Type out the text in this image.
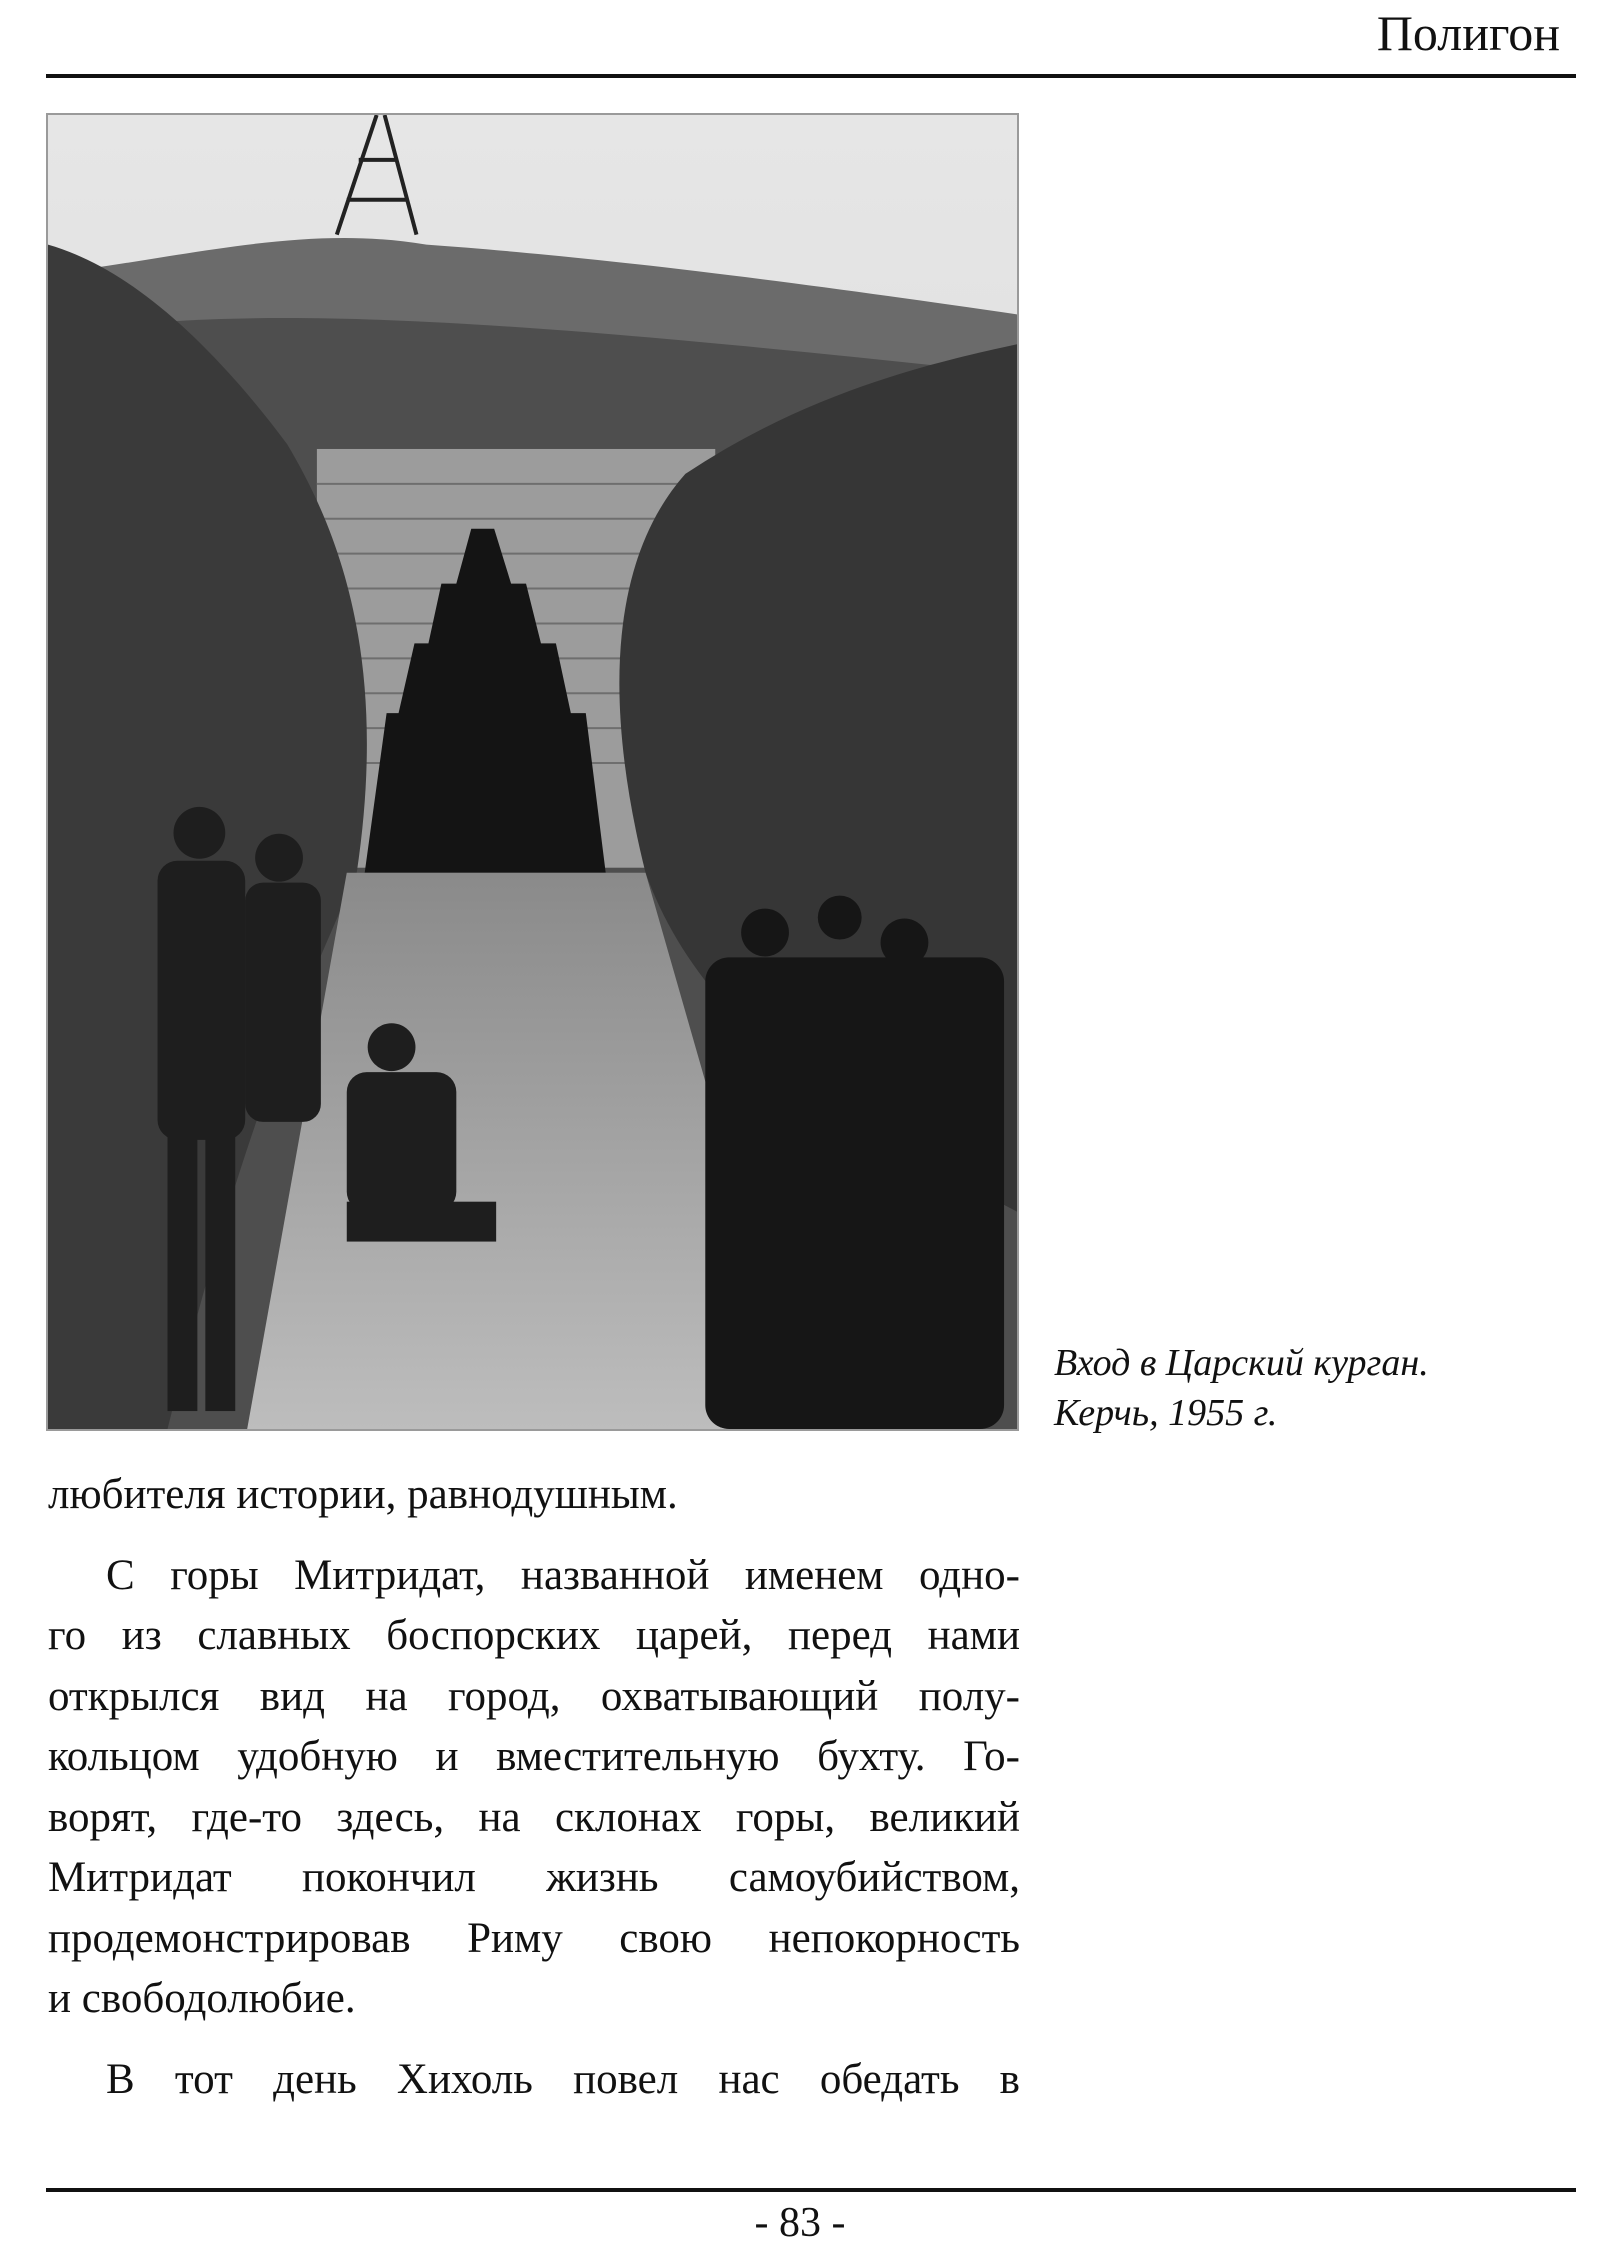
Полигон
Вход в Царский курган.
Керчь, 1955 г.
любителя истории, равнодушным.
С горы Митридат, названной именем одно-
го из славных боспорских царей, перед нами
открылся вид на город, охватывающий полу-
кольцом удобную и вместительную бухту. Го-
ворят, где-то здесь, на склонах горы, великий
Митридат покончил жизнь самоубийством,
продемонстрировав Риму свою непокорность
и свободолюбие.
В тот день Хихоль повел нас обедать в
- 83 -
